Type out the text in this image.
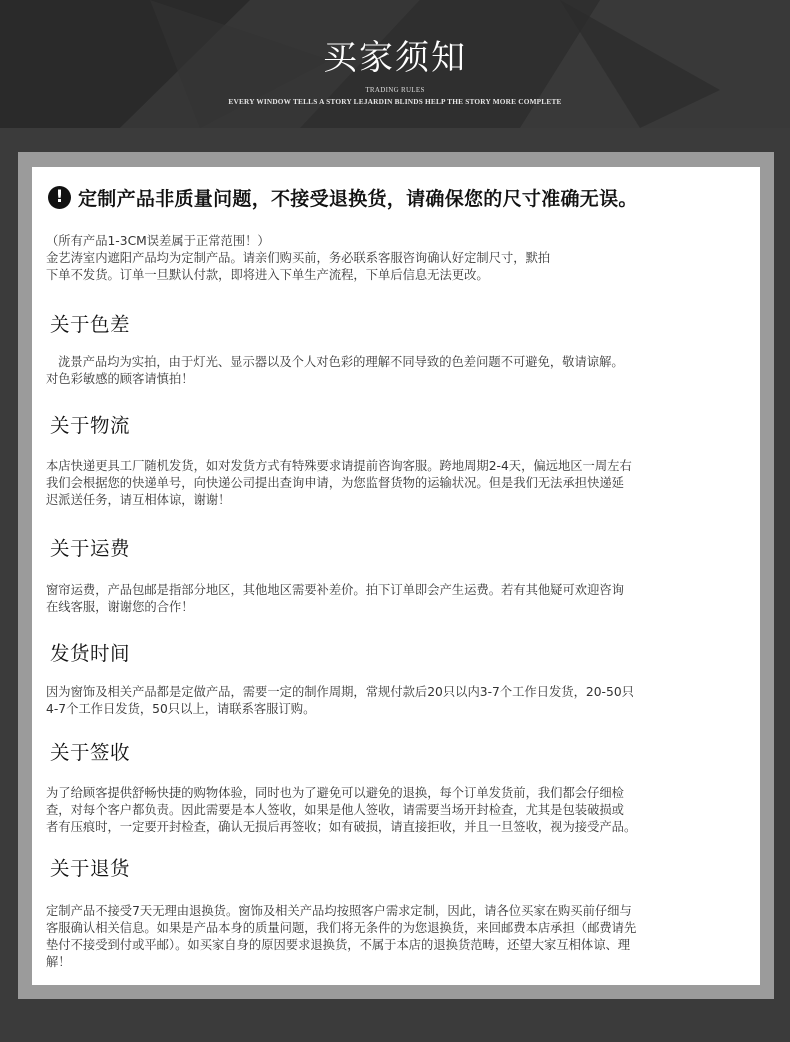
买家须知
TRADING RULES
EVERY WINDOW TELLS A STORY LEJARDIN BLINDS HELP THE STORY MORE COMPLETE
! 定制产品非质量问题，不接受退换货，请确保您的尺寸准确无误。
（所有产品1-3CM误差属于正常范围！）
金艺涛室内遮阳产品均为定制产品。请亲们购买前，务必联系客服咨询确认好定制尺寸，默拍
下单不发货。订单一旦默认付款，即将进入下单生产流程，下单后信息无法更改。
关于色差
泷景产品均为实拍，由于灯光、显示器以及个人对色彩的理解不同导致的色差问题不可避免，敬请谅解。
对色彩敏感的顾客请慎拍！
关于物流
本店快递更具工厂随机发货，如对发货方式有特殊要求请提前咨询客服。跨地周期2-4天，偏远地区一周左右
我们会根据您的快递单号，向快递公司提出查询申请，为您监督货物的运输状况。但是我们无法承担快递延
迟派送任务，请互相体谅，谢谢！
关于运费
窗帘运费，产品包邮是指部分地区，其他地区需要补差价。拍下订单即会产生运费。若有其他疑可欢迎咨询
在线客服，谢谢您的合作！
发货时间
因为窗饰及相关产品都是定做产品，需要一定的制作周期，常规付款后20只以内3-7个工作日发货，20-50只
4-7个工作日发货，50只以上，请联系客服订购。
关于签收
为了给顾客提供舒畅快捷的购物体验，同时也为了避免可以避免的退换，每个订单发货前，我们都会仔细检
查，对每个客户都负责。因此需要是本人签收，如果是他人签收，请需要当场开封检查，尤其是包装破损或
者有压痕时，一定要开封检查，确认无损后再签收；如有破损，请直接拒收，并且一旦签收，视为接受产品。
关于退货
定制产品不接受7天无理由退换货。窗饰及相关产品均按照客户需求定制，因此，请各位买家在购买前仔细与
客服确认相关信息。如果是产品本身的质量问题，我们将无条件的为您退换货，来回邮费本店承担（邮费请先
垫付不接受到付或平邮）。如买家自身的原因要求退换货，不属于本店的退换货范畴，还望大家互相体谅、理
解！
